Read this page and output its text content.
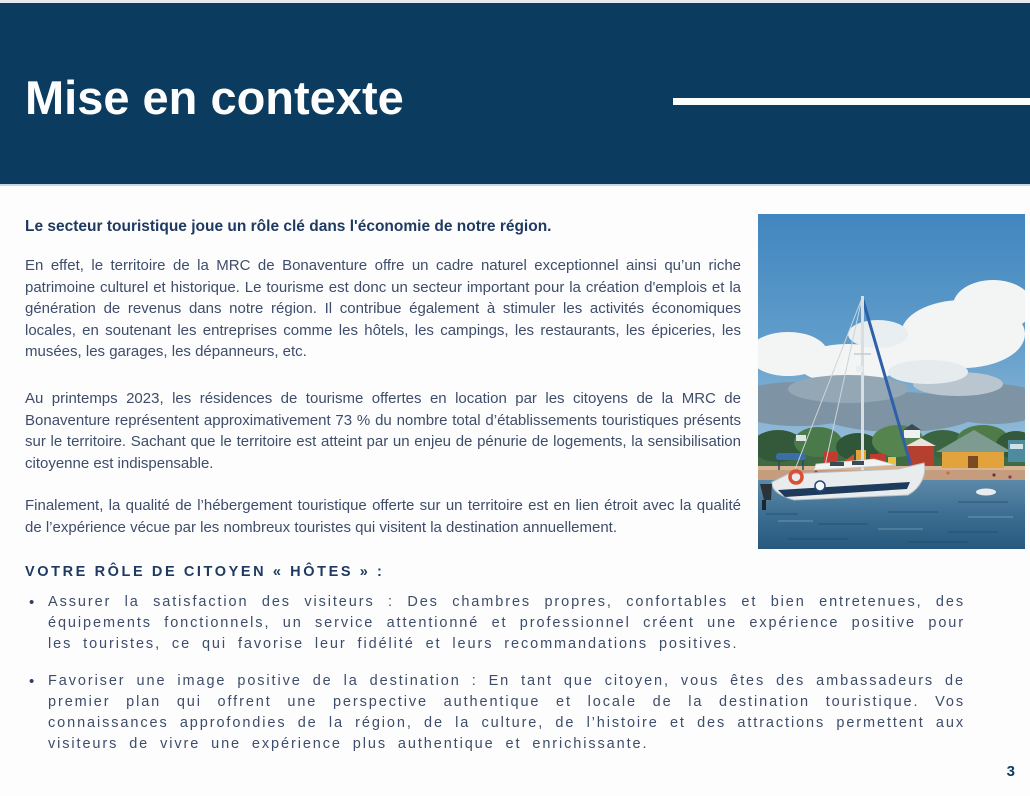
Mise en contexte

Le secteur touristique joue un rôle clé dans l'économie de notre région.

En effet, le territoire de la MRC de Bonaventure offre un cadre naturel exceptionnel ainsi qu’un riche patrimoine culturel et historique. Le tourisme est donc un secteur important pour la création d'emplois et la génération de revenus dans notre région. Il contribue également à stimuler les activités économiques locales, en soutenant les entreprises comme les hôtels, les campings, les restaurants, les épiceries, les musées, les garages, les dépanneurs, etc.

Au printemps 2023, les résidences de tourisme offertes en location par les citoyens de la MRC de Bonaventure représentent approximativement 73 % du nombre total d’établissements touristiques présents sur le territoire. Sachant que le territoire est atteint par un enjeu de pénurie de logements, la sensibilisation citoyenne est indispensable.

Finalement, la qualité de l’hébergement touristique offerte sur un territoire est en lien étroit avec la qualité de l’expérience vécue par les nombreux touristes qui visitent la destination annuellement.

VOTRE RÔLE DE CITOYEN « HÔTES » :
• Assurer la satisfaction des visiteurs : Des chambres propres, confortables et bien entretenues, des équipements fonctionnels, un service attentionné et professionnel créent une expérience positive pour les touristes, ce qui favorise leur fidélité et leurs recommandations positives.
• Favoriser une image positive de la destination : En tant que citoyen, vous êtes des ambassadeurs de premier plan qui offrent une perspective authentique et locale de la destination touristique. Vos connaissances approfondies de la région, de la culture, de l’histoire et des attractions permettent aux visiteurs de vivre une expérience plus authentique et enrichissante.
3
